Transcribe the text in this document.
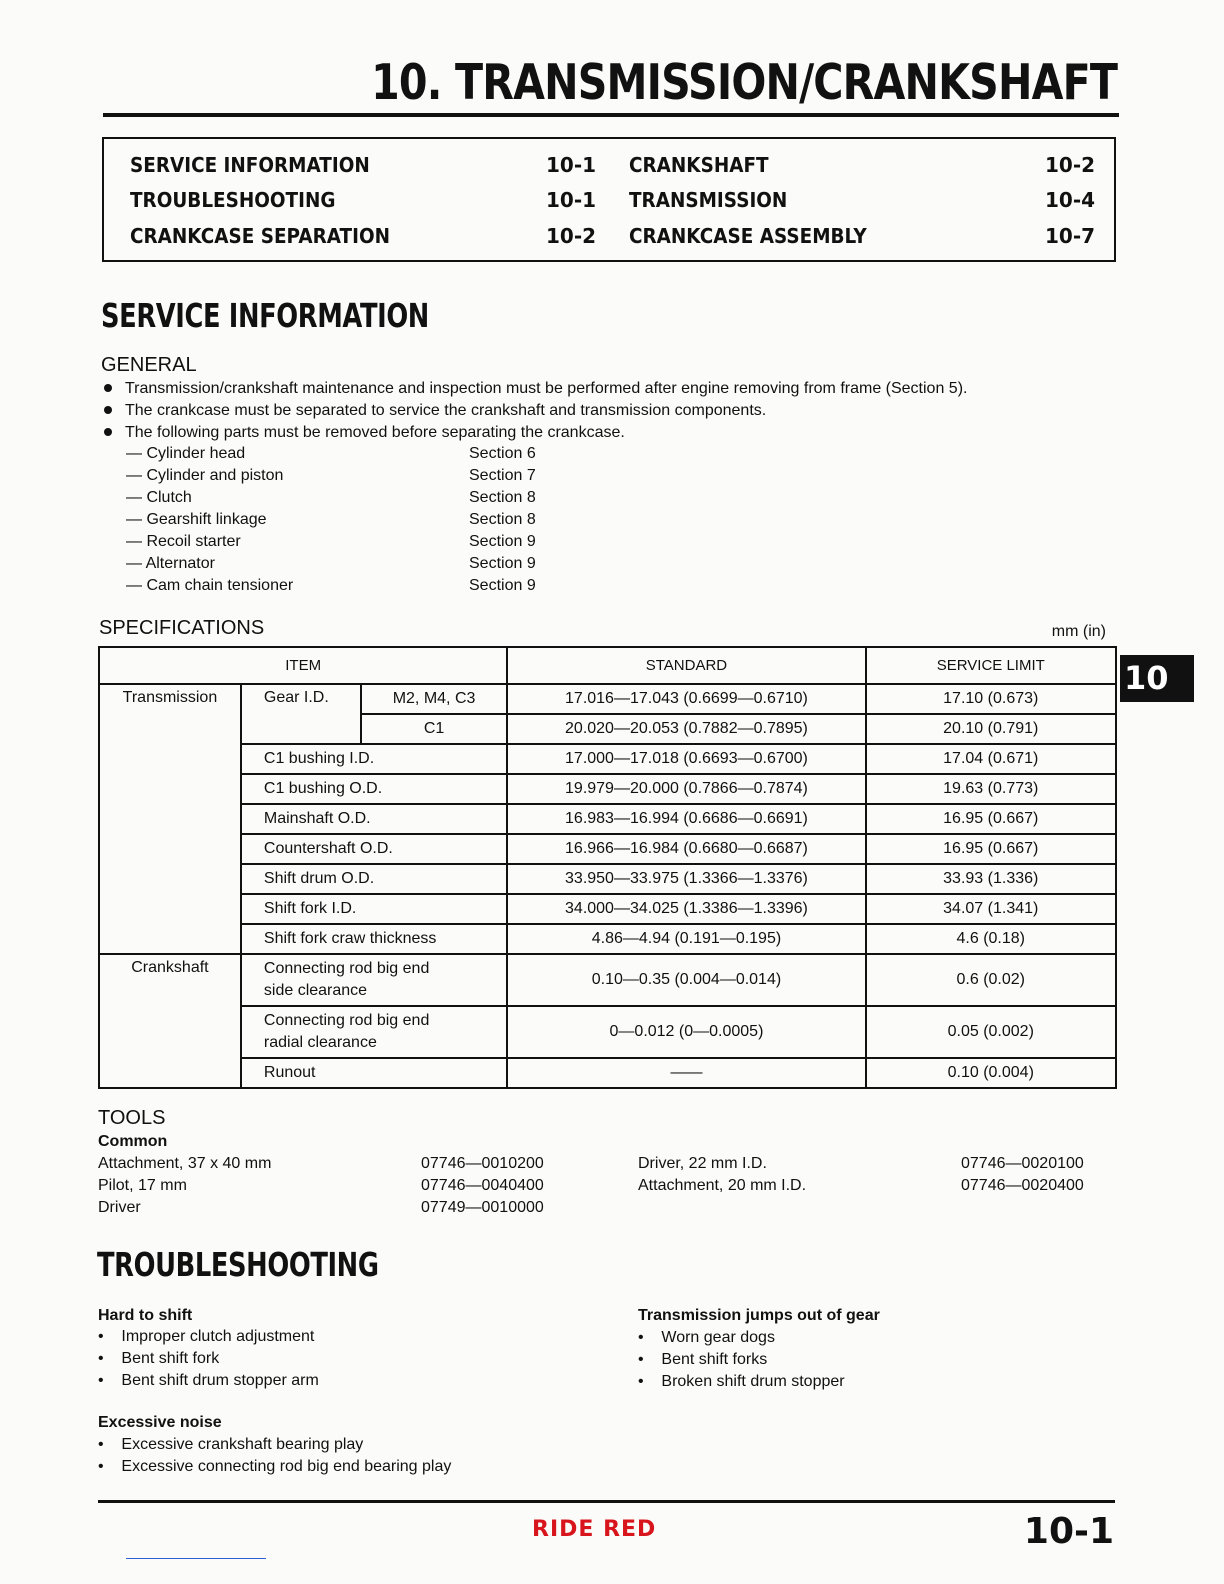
10. TRANSMISSION/CRANKSHAFT
SERVICE INFORMATION	10-1
TROUBLESHOOTING	10-1
CRANKCASE SEPARATION	10-2
CRANKSHAFT	10-2
TRANSMISSION	10-4
CRANKCASE ASSEMBLY	10-7
SERVICE INFORMATION
GENERAL
Transmission/crankshaft maintenance and inspection must be performed after engine removing from frame (Section 5).
The crankcase must be separated to service the crankshaft and transmission components.
The following parts must be removed before separating the crankcase.
— Cylinder head	Section 6
— Cylinder and piston	Section 7
— Clutch	Section 8
— Gearshift linkage	Section 8
— Recoil starter	Section 9
— Alternator	Section 9
— Cam chain tensioner	Section 9
SPECIFICATIONS	mm (in)
ITEM			STANDARD	SERVICE LIMIT
Transmission	Gear I.D.	M2, M4, C3	17.016—17.043 (0.6699—0.6710)	17.10 (0.673)
		C1	20.020—20.053 (0.7882—0.7895)	20.10 (0.791)
	C1 bushing I.D.		17.000—17.018 (0.6693—0.6700)	17.04 (0.671)
	C1 bushing O.D.		19.979—20.000 (0.7866—0.7874)	19.63 (0.773)
	Mainshaft O.D.		16.983—16.994 (0.6686—0.6691)	16.95 (0.667)
	Countershaft O.D.		16.966—16.984 (0.6680—0.6687)	16.95 (0.667)
	Shift drum O.D.		33.950—33.975 (1.3366—1.3376)	33.93 (1.336)
	Shift fork I.D.		34.000—34.025 (1.3386—1.3396)	34.07 (1.341)
	Shift fork craw thickness		4.86—4.94 (0.191—0.195)	4.6 (0.18)
Crankshaft	Connecting rod big end
side clearance		0.10—0.35 (0.004—0.014)	0.6 (0.02)

	Connecting rod big end
radial clearance		0—0.012 (0—0.0005)	0.05 (0.002)
	Runout		——	0.10 (0.004)
10
TOOLS
Common
Attachment, 37 x 40 mm	07746—0010200
Pilot, 17 mm	07746—0040400
Driver	07749—0010000
Driver, 22 mm I.D.	07746—0020100
Attachment, 20 mm I.D.	07746—0020400
TROUBLESHOOTING
Hard to shift
•    Improper clutch adjustment
•    Bent shift fork
•    Bent shift drum stopper arm
Transmission jumps out of gear
•    Worn gear dogs
•    Bent shift forks
•    Broken shift drum stopper
Excessive noise
•    Excessive crankshaft bearing play
•    Excessive connecting rod big end bearing play
RIDE RED	10-1
